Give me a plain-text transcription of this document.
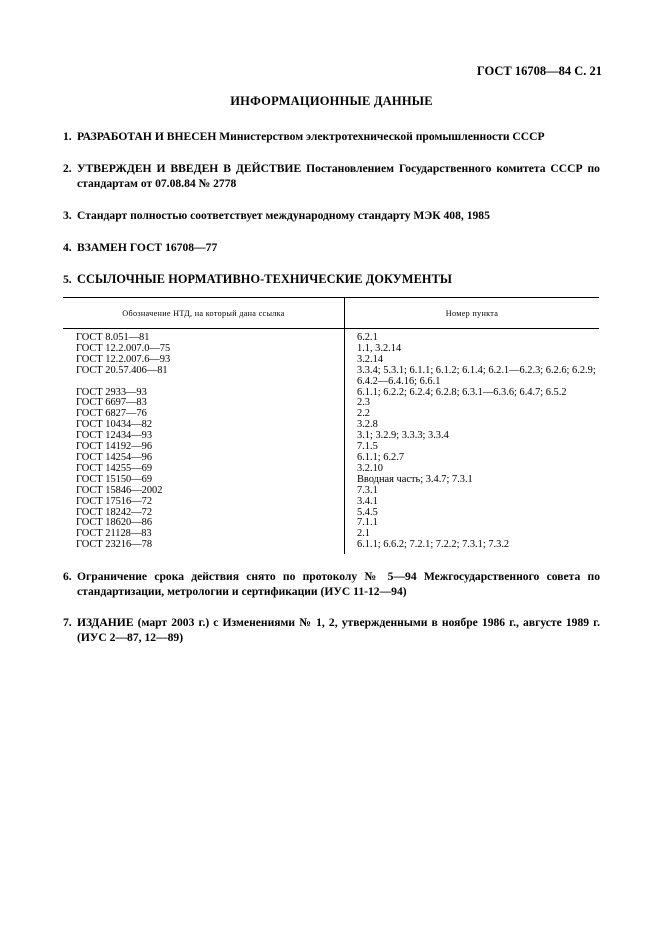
ГОСТ 16708—84 С. 21
ИНФОРМАЦИОННЫЕ ДАННЫЕ
1. РАЗРАБОТАН И ВНЕСЕН Министерством электротехнической промышленности СССР
2. УТВЕРЖДЕН И ВВЕДЕН В ДЕЙСТВИЕ Постановлением Государственного комитета СССР по стандартам от 07.08.84 № 2778
3. Стандарт полностью соответствует международному стандарту МЭК 408, 1985
4. ВЗАМЕН ГОСТ 16708—77
5. ССЫЛОЧНЫЕ НОРМАТИВНО-ТЕХНИЧЕСКИЕ ДОКУМЕНТЫ
Обозначение НТД, на который дана ссылка	Номер пункта
ГОСТ 8.051—81	6.2.1
ГОСТ 12.2.007.0—75	1.1, 3.2.14
ГОСТ 12.2.007.6—93	3.2.14
ГОСТ 20.57.406—81	3.3.4; 5.3.1; 6.1.1; 6.1.2; 6.1.4; 6.2.1—6.2.3; 6.2.6; 6.2.9;
6.4.2—6.4.16; 6.6.1

ГОСТ 2933—93	6.1.1; 6.2.2; 6.2.4; 6.2.8; 6.3.1—6.3.6; 6.4.7; 6.5.2
ГОСТ 6697—83	2.3
ГОСТ 6827—76	2.2
ГОСТ 10434—82	3.2.8
ГОСТ 12434—93	3.1; 3.2.9; 3.3.3; 3.3.4
ГОСТ 14192—96	7.1.5
ГОСТ 14254—96	6.1.1; 6.2.7
ГОСТ 14255—69	3.2.10
ГОСТ 15150—69	Вводная часть; 3.4.7; 7.3.1
ГОСТ 15846—2002	7.3.1
ГОСТ 17516—72	3.4.1
ГОСТ 18242—72	5.4.5
ГОСТ 18620—86	7.1.1
ГОСТ 21128—83	2.1
ГОСТ 23216—78	6.1.1; 6.6.2; 7.2.1; 7.2.2; 7.3.1; 7.3.2
6. Ограничение срока действия снято по протоколу № 5—94 Межгосударственного совета по стандартизации, метрологии и сертификации (ИУС 11-12—94)
7. ИЗДАНИЕ (март 2003 г.) с Изменениями № 1, 2, утвержденными в ноябре 1986 г., августе 1989 г. (ИУС 2—87, 12—89)
